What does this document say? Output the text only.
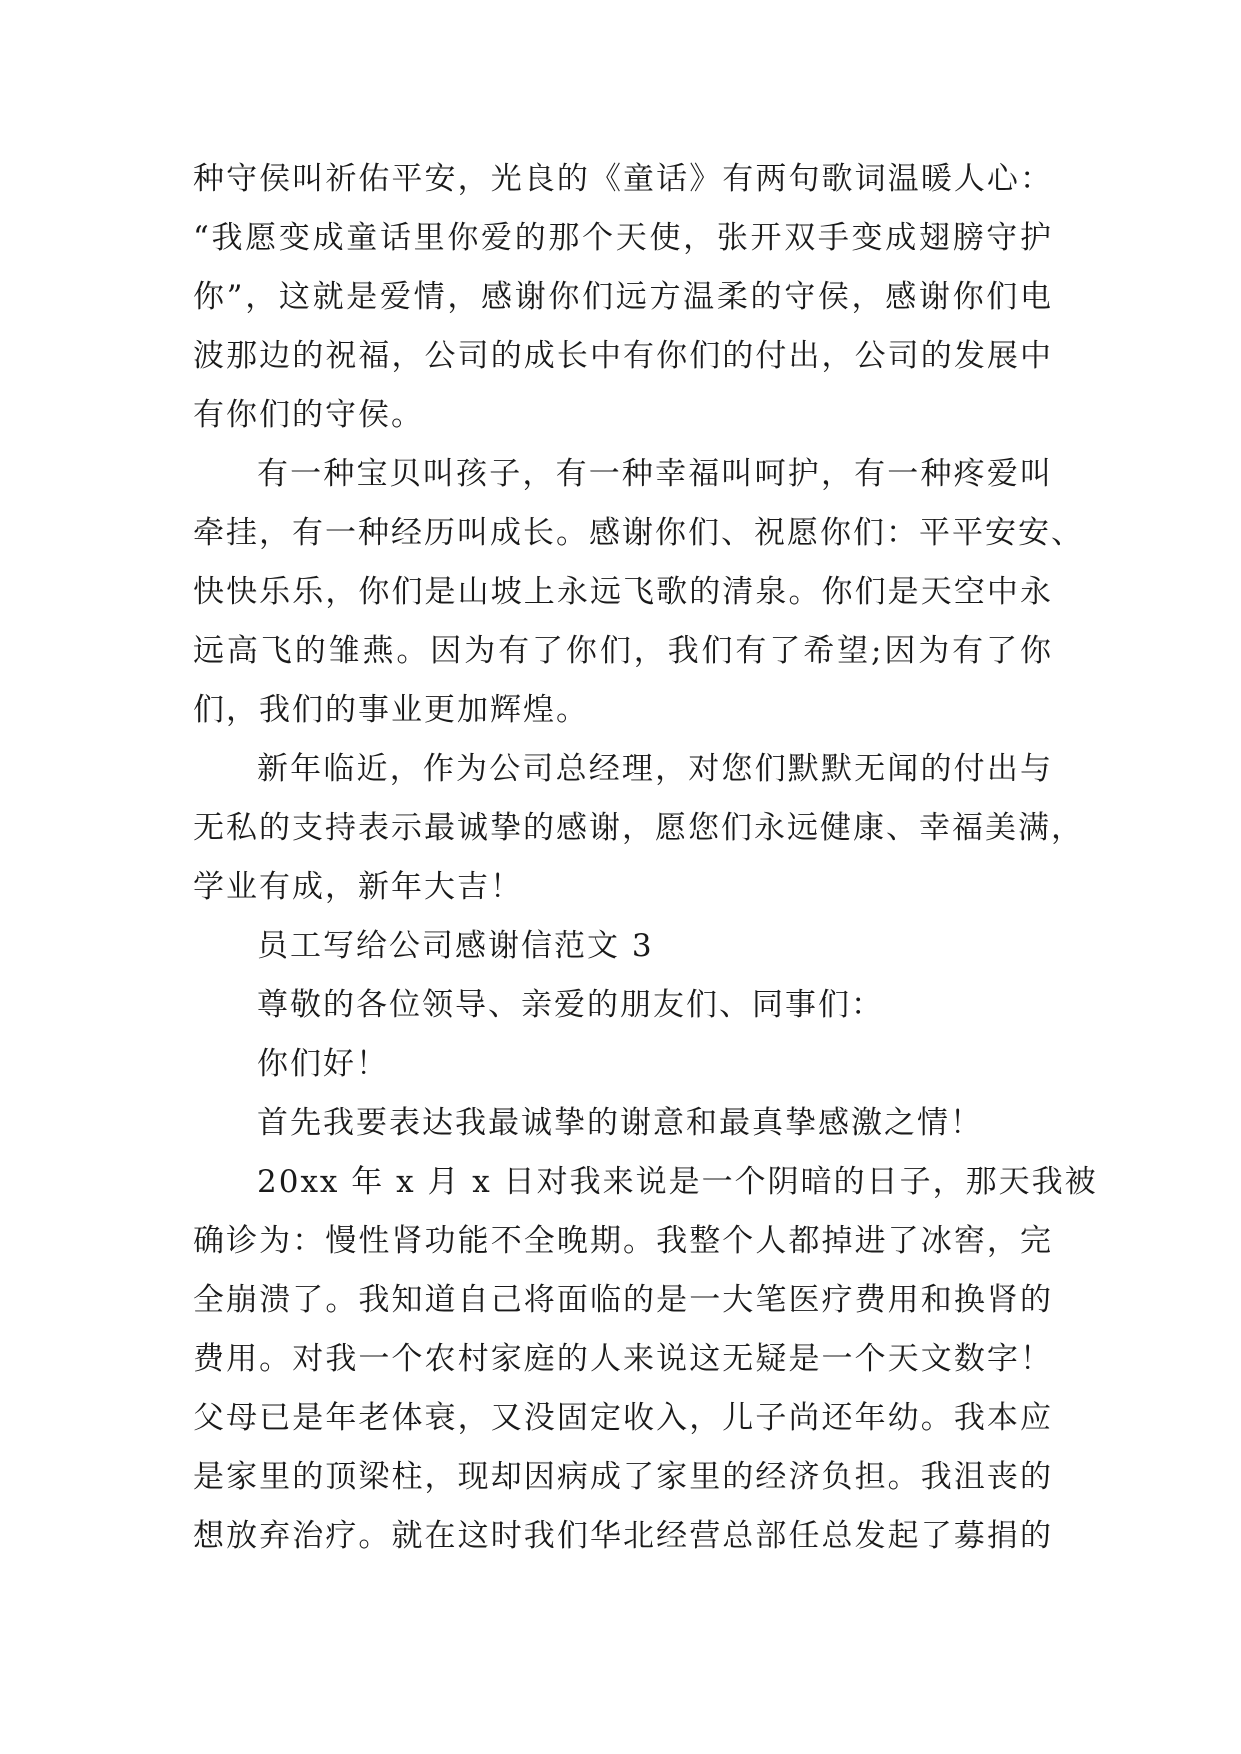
种守侯叫祈佑平安，光良的《童话》有两句歌词温暖人心：
“我愿变成童话里你爱的那个天使，张开双手变成翅膀守护
你”，这就是爱情，感谢你们远方温柔的守侯，感谢你们电
波那边的祝福，公司的成长中有你们的付出，公司的发展中
有你们的守侯。
有一种宝贝叫孩子，有一种幸福叫呵护，有一种疼爱叫
牵挂，有一种经历叫成长。感谢你们、祝愿你们：平平安安、
快快乐乐，你们是山坡上永远飞歌的清泉。你们是天空中永
远高飞的雏燕。因为有了你们，我们有了希望;因为有了你
们，我们的事业更加辉煌。
新年临近，作为公司总经理，对您们默默无闻的付出与
无私的支持表示最诚挚的感谢，愿您们永远健康、幸福美满，
学业有成，新年大吉！
员工写给公司感谢信范文 3
尊敬的各位领导、亲爱的朋友们、同事们：
你们好！
首先我要表达我最诚挚的谢意和最真挚感激之情！
20xx 年 x 月 x 日对我来说是一个阴暗的日子，那天我被
确诊为：慢性肾功能不全晚期。我整个人都掉进了冰窖，完
全崩溃了。我知道自己将面临的是一大笔医疗费用和换肾的
费用。对我一个农村家庭的人来说这无疑是一个天文数字！
父母已是年老体衰，又没固定收入，儿子尚还年幼。我本应
是家里的顶梁柱，现却因病成了家里的经济负担。我沮丧的
想放弃治疗。就在这时我们华北经营总部任总发起了募捐的
